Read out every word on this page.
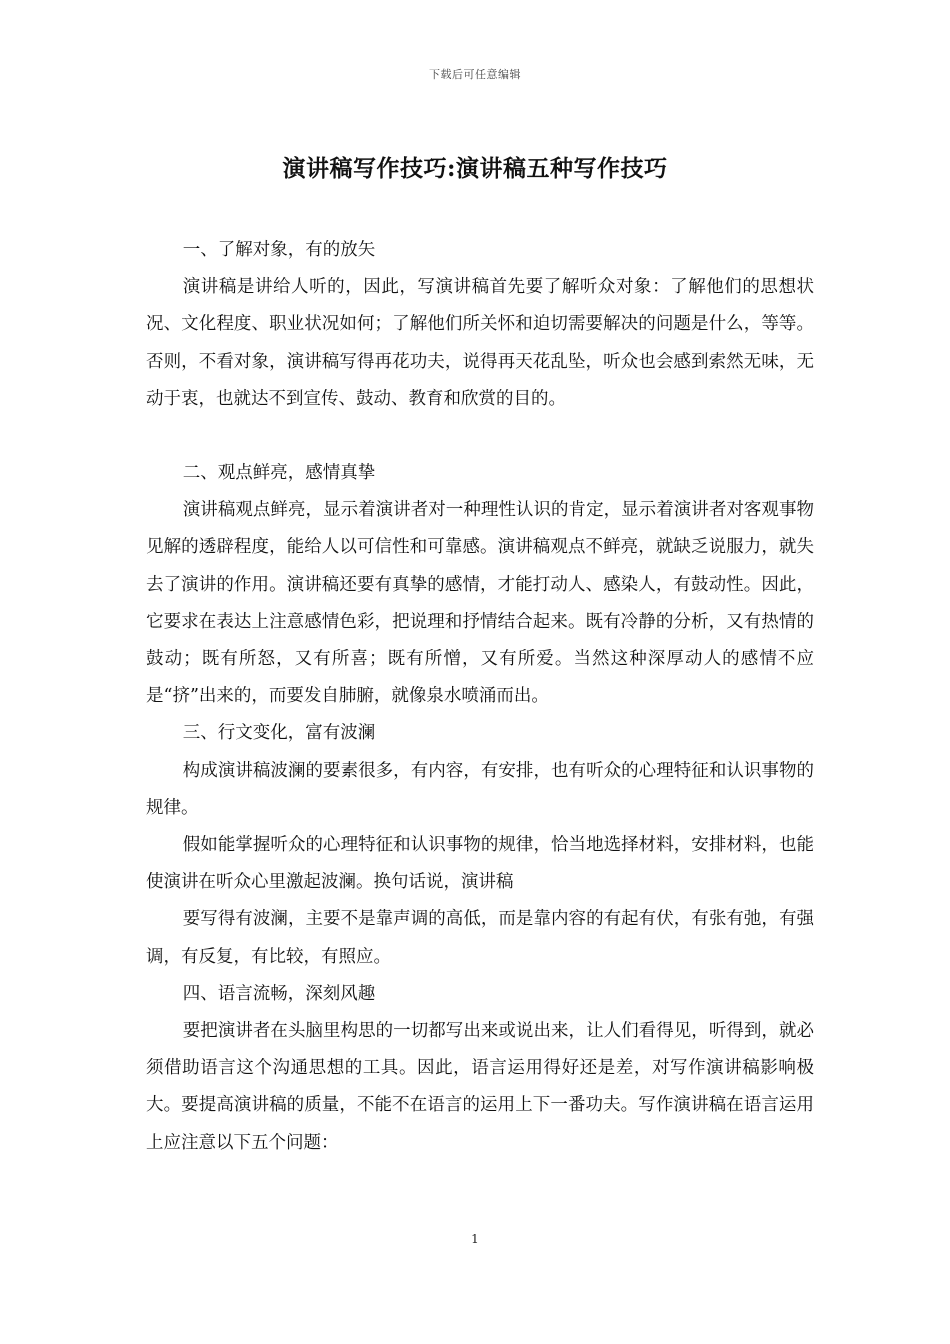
下载后可任意编辑
演讲稿写作技巧:演讲稿五种写作技巧

一、了解对象，有的放矢

演讲稿是讲给人听的，因此，写演讲稿首先要了解听众对象：了解他们的思想状况、文化程度、职业状况如何；了解他们所关怀和迫切需要解决的问题是什么，等等。否则，不看对象，演讲稿写得再花功夫，说得再天花乱坠，听众也会感到索然无味，无动于衷，也就达不到宣传、鼓动、教育和欣赏的目的。

二、观点鲜亮，感情真挚

演讲稿观点鲜亮，显示着演讲者对一种理性认识的肯定，显示着演讲者对客观事物见解的透辟程度，能给人以可信性和可靠感。演讲稿观点不鲜亮，就缺乏说服力，就失去了演讲的作用。演讲稿还要有真挚的感情，才能打动人、感染人，有鼓动性。因此，它要求在表达上注意感情色彩，把说理和抒情结合起来。既有冷静的分析，又有热情的鼓动；既有所怒，又有所喜；既有所憎，又有所爱。当然这种深厚动人的感情不应是“挤”出来的，而要发自肺腑，就像泉水喷涌而出。

三、行文变化，富有波澜

构成演讲稿波澜的要素很多，有内容，有安排，也有听众的心理特征和认识事物的规律。

假如能掌握听众的心理特征和认识事物的规律，恰当地选择材料，安排材料，也能使演讲在听众心里激起波澜。换句话说，演讲稿

要写得有波澜，主要不是靠声调的高低，而是靠内容的有起有伏，有张有弛，有强调，有反复，有比较，有照应。

四、语言流畅，深刻风趣

要把演讲者在头脑里构思的一切都写出来或说出来，让人们看得见，听得到，就必须借助语言这个沟通思想的工具。因此，语言运用得好还是差，对写作演讲稿影响极大。要提高演讲稿的质量，不能不在语言的运用上下一番功夫。写作演讲稿在语言运用上应注意以下五个问题：

1
